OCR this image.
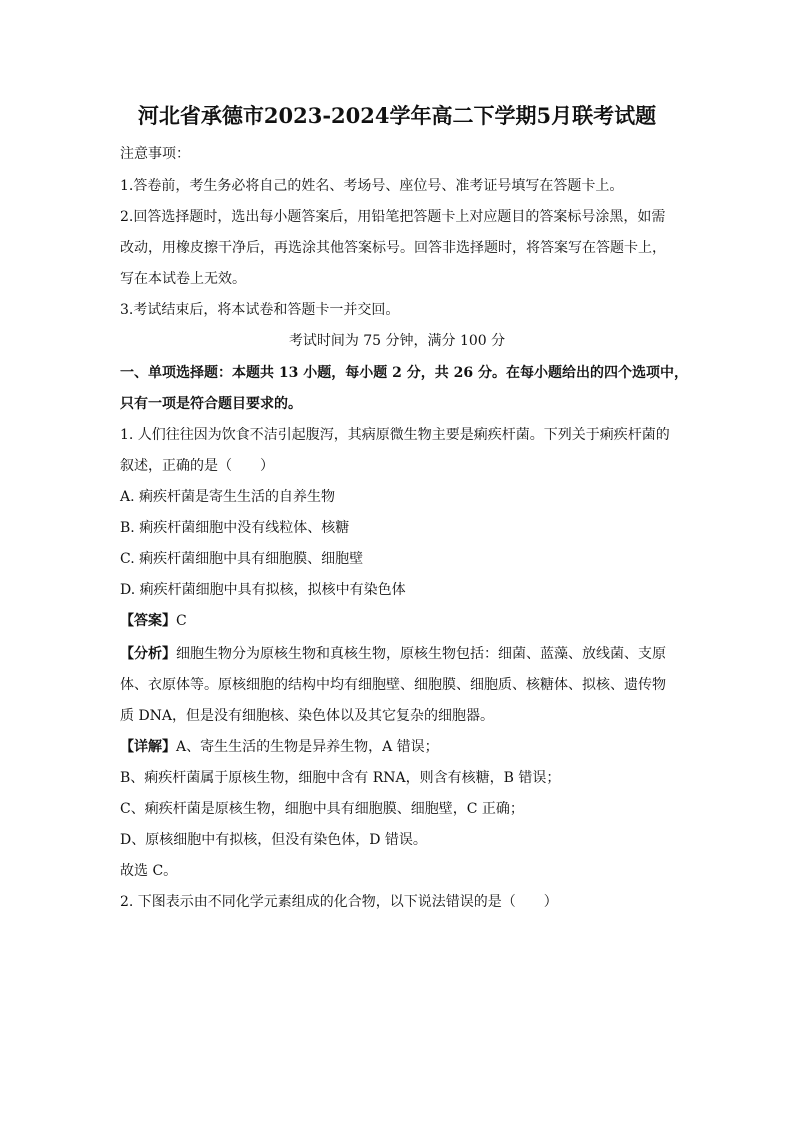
河北省承德市2023-2024学年高二下学期5月联考试题
注意事项：
1.答卷前，考生务必将自己的姓名、考场号、座位号、准考证号填写在答题卡上。
2.回答选择题时，选出每小题答案后，用铅笔把答题卡上对应题目的答案标号涂黑，如需
改动，用橡皮擦干净后，再选涂其他答案标号。回答非选择题时，将答案写在答题卡上，
写在本试卷上无效。
3.考试结束后，将本试卷和答题卡一并交回。
考试时间为 75 分钟，满分 100 分
一、单项选择题：本题共 13 小题，每小题 2 分，共 26 分。在每小题给出的四个选项中，
只有一项是符合题目要求的。
1. 人们往往因为饮食不洁引起腹泻，其病原微生物主要是痢疾杆菌。下列关于痢疾杆菌的
叙述，正确的是（　　）
A. 痢疾杆菌是寄生生活的自养生物
B. 痢疾杆菌细胞中没有线粒体、核糖
C. 痢疾杆菌细胞中具有细胞膜、细胞壁
D. 痢疾杆菌细胞中具有拟核，拟核中有染色体
【答案】C
【分析】细胞生物分为原核生物和真核生物，原核生物包括：细菌、蓝藻、放线菌、支原
体、衣原体等。原核细胞的结构中均有细胞壁、细胞膜、细胞质、核糖体、拟核、遗传物
质 DNA，但是没有细胞核、染色体以及其它复杂的细胞器。
【详解】A、寄生生活的生物是异养生物，A 错误；
B、痢疾杆菌属于原核生物，细胞中含有 RNA，则含有核糖，B 错误；
C、痢疾杆菌是原核生物，细胞中具有细胞膜、细胞壁，C 正确；
D、原核细胞中有拟核，但没有染色体，D 错误。
故选 C。
2. 下图表示由不同化学元素组成的化合物，以下说法错误的是（　　）
